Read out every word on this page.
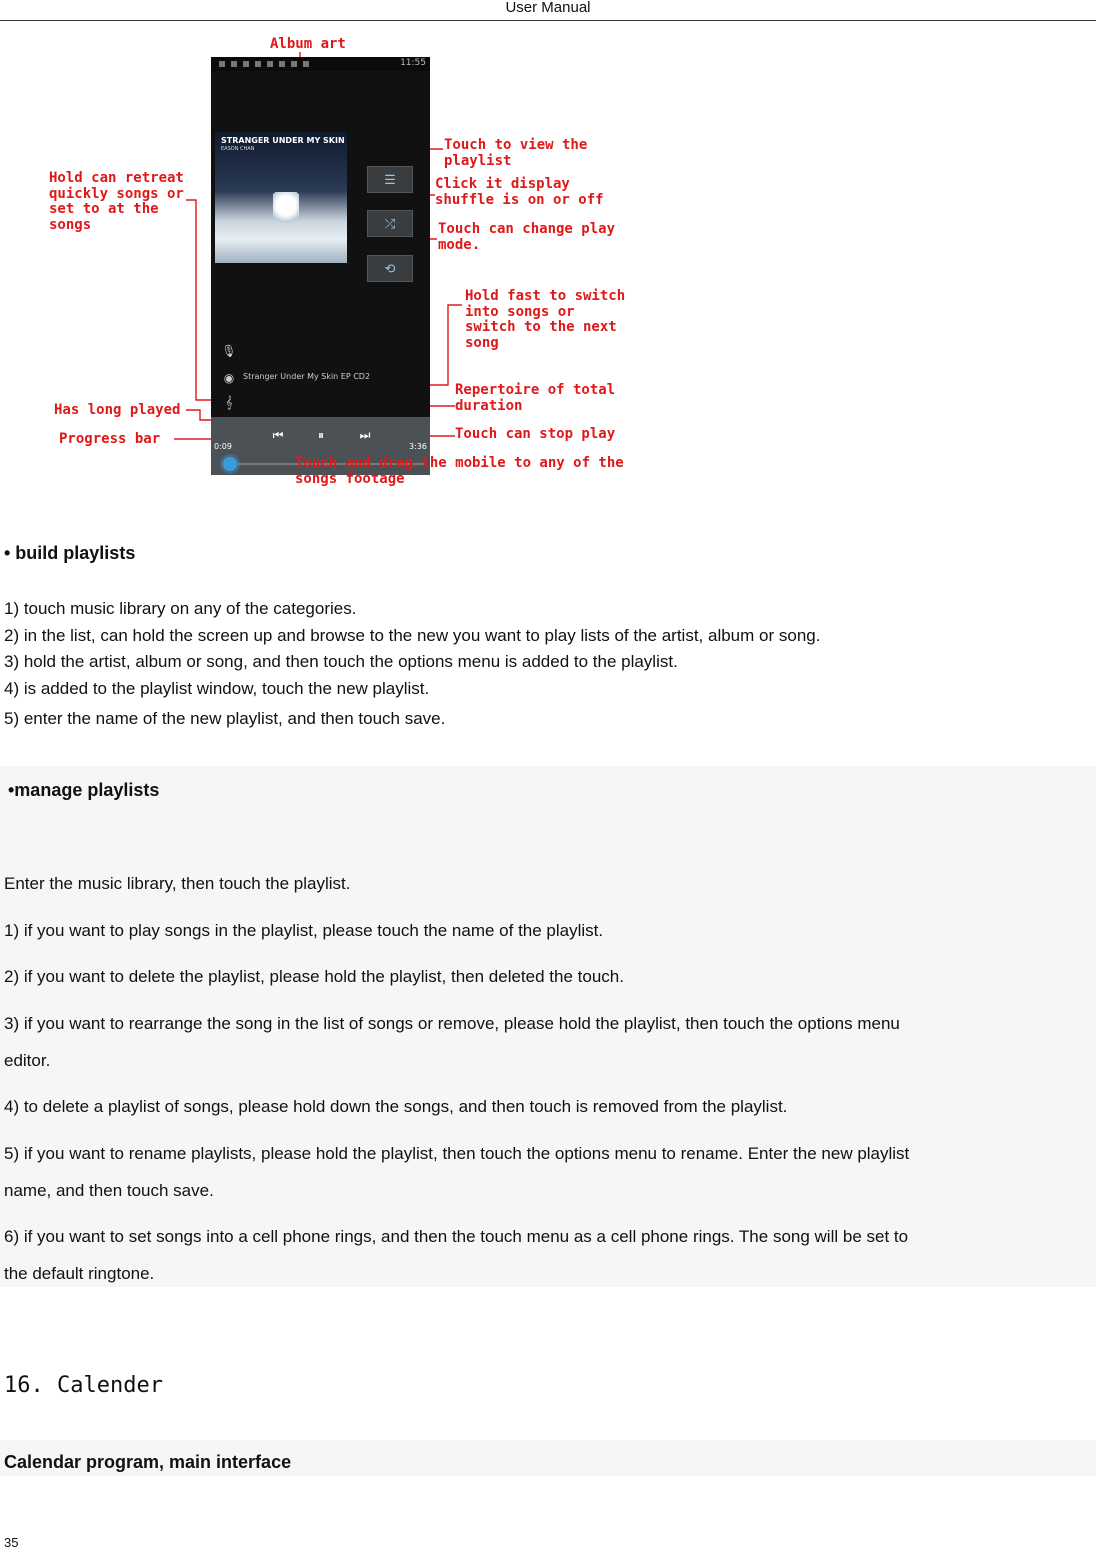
User Manual
11:55
STRANGER UNDER MY SKIN
EASON CHAN
☰
⤮
⟲
🎙
◉	Stranger Under My Skin EP CD2
𝄞
⏮	⏸	⏭
0:09	3:36
Album art
Touch to view the
playlist
Click it display
shuffle is on or off
Touch can change play
mode.
Hold can retreat
quickly songs or
set to at the
songs
Hold fast to switch
into songs or
switch to the next
song
Repertoire of total
duration
Has long played
Touch can stop play
Progress bar
Touch and drag the mobile to any of the
songs footage
• build playlists
1) touch music library on any of the categories.
2) in the list, can hold the screen up and browse to the new you want to play lists of the artist, album or song.
3) hold the artist, album or song, and then touch the options menu is added to the playlist.
4) is added to the playlist window, touch the new playlist.
5) enter the name of the new playlist, and then touch save.
•manage playlists
Enter the music library, then touch the playlist.
1) if you want to play songs in the playlist, please touch the name of the playlist.
2) if you want to delete the playlist, please hold the playlist, then deleted the touch.
3) if you want to rearrange the song in the list of songs or remove, please hold the playlist, then touch the options menu
editor.
4) to delete a playlist of songs, please hold down the songs, and then touch is removed from the playlist.
5) if you want to rename playlists, please hold the playlist, then touch the options menu to rename. Enter the new playlist
name, and then touch save.
6) if you want to set songs into a cell phone rings, and then the touch menu as a cell phone rings. The song will be set to
the default ringtone.
16. Calender
Calendar program, main interface
35
